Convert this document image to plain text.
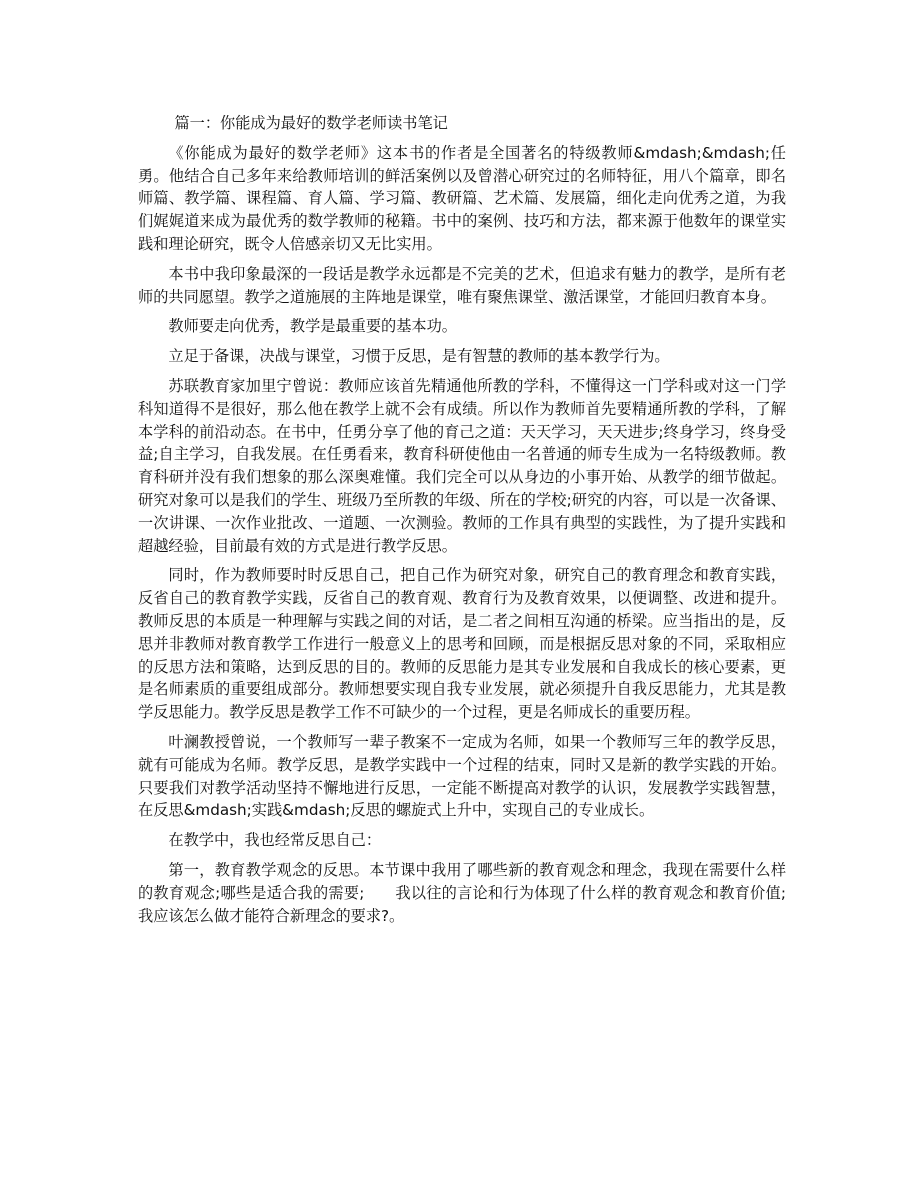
篇一：你能成为最好的数学老师读书笔记

《你能成为最好的数学老师》这本书的作者是全国著名的特级教师&mdash;&mdash;任勇。他结合自己多年来给教师培训的鲜活案例以及曾潜心研究过的名师特征，用八个篇章，即名师篇、教学篇、课程篇、育人篇、学习篇、教研篇、艺术篇、发展篇，细化走向优秀之道，为我们娓娓道来成为最优秀的数学教师的秘籍。书中的案例、技巧和方法，都来源于他数年的课堂实践和理论研究，既令人倍感亲切又无比实用。

本书中我印象最深的一段话是教学永远都是不完美的艺术，但追求有魅力的教学，是所有老师的共同愿望。教学之道施展的主阵地是课堂，唯有聚焦课堂、激活课堂，才能回归教育本身。

教师要走向优秀，教学是最重要的基本功。

立足于备课，决战与课堂，习惯于反思，是有智慧的教师的基本教学行为。

苏联教育家加里宁曾说：教师应该首先精通他所教的学科，不懂得这一门学科或对这一门学科知道得不是很好，那么他在教学上就不会有成绩。所以作为教师首先要精通所教的学科，了解本学科的前沿动态。在书中，任勇分享了他的育己之道：天天学习，天天进步;终身学习，终身受益;自主学习，自我发展。在任勇看来，教育科研使他由一名普通的师专生成为一名特级教师。教育科研并没有我们想象的那么深奥难懂。我们完全可以从身边的小事开始、从教学的细节做起。研究对象可以是我们的学生、班级乃至所教的年级、所在的学校;研究的内容，可以是一次备课、一次讲课、一次作业批改、一道题、一次测验。教师的工作具有典型的实践性，为了提升实践和超越经验，目前最有效的方式是进行教学反思。

同时，作为教师要时时反思自己，把自己作为研究对象，研究自己的教育理念和教育实践，反省自己的教育教学实践，反省自己的教育观、教育行为及教育效果，以便调整、改进和提升。教师反思的本质是一种理解与实践之间的对话，是二者之间相互沟通的桥梁。应当指出的是，反思并非教师对教育教学工作进行一般意义上的思考和回顾，而是根据反思对象的不同，采取相应的反思方法和策略，达到反思的目的。教师的反思能力是其专业发展和自我成长的核心要素，更是名师素质的重要组成部分。教师想要实现自我专业发展，就必须提升自我反思能力，尤其是教学反思能力。教学反思是教学工作不可缺少的一个过程，更是名师成长的重要历程。

叶澜教授曾说，一个教师写一辈子教案不一定成为名师，如果一个教师写三年的教学反思，就有可能成为名师。教学反思，是教学实践中一个过程的结束，同时又是新的教学实践的开始。只要我们对教学活动坚持不懈地进行反思，一定能不断提高对教学的认识，发展教学实践智慧，在反思&mdash;实践&mdash;反思的螺旋式上升中，实现自己的专业成长。

在教学中，我也经常反思自己：

第一，教育教学观念的反思。本节课中我用了哪些新的教育观念和理念，我现在需要什么样的教育观念;哪些是适合我的需要;　　我以往的言论和行为体现了什么样的教育观念和教育价值;我应该怎么做才能符合新理念的要求?。
